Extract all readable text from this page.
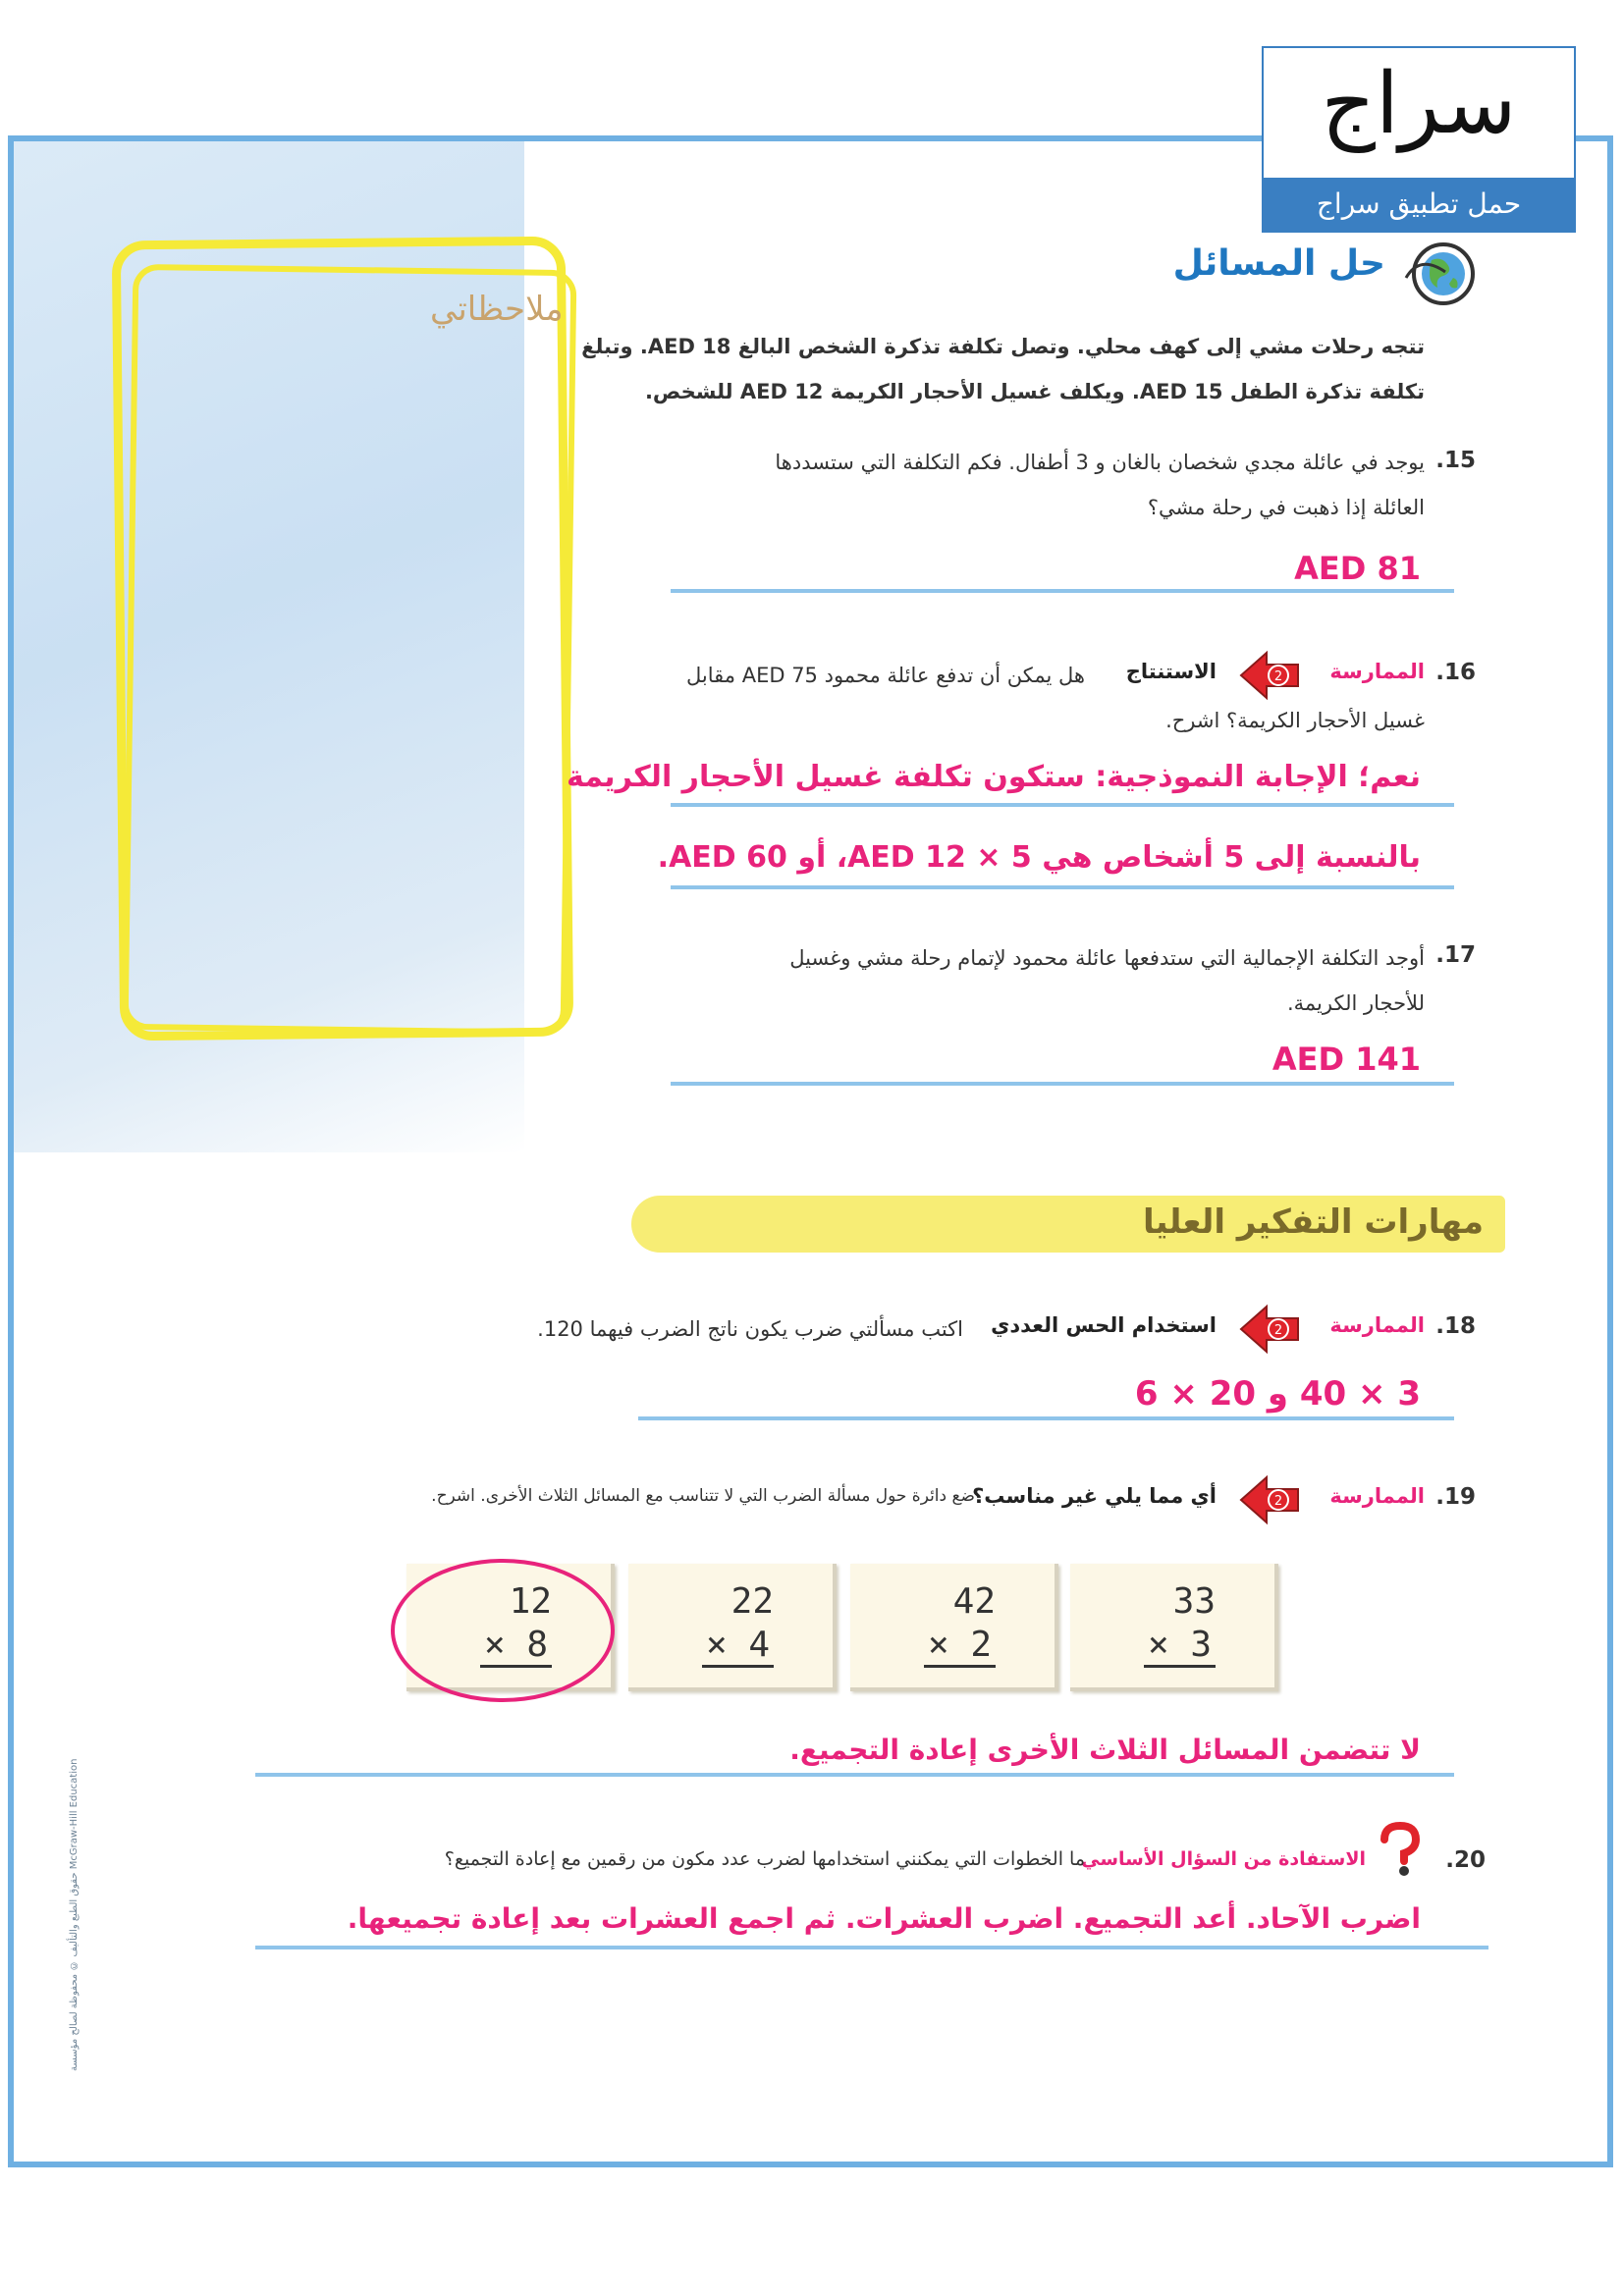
سراج
حمل تطبيق سراج
ملاحظاتي
حل المسائل
تتجه رحلات مشي إلى كهف محلي. وتصل تكلفة تذكرة الشخص البالغ AED 18. وتبلغ
تكلفة تذكرة الطفل AED 15. ويكلف غسيل الأحجار الكريمة AED 12 للشخص.
15.
يوجد في عائلة مجدي شخصان بالغان و 3 أطفال. فكم التكلفة التي ستسددها
العائلة إذا ذهبت في رحلة مشي؟
AED 81
16.
الممارسة
2
الاستنتاج
هل يمكن أن تدفع عائلة محمود AED 75 مقابل
غسيل الأحجار الكريمة؟ اشرح.
نعم؛ الإجابة النموذجية: ستكون تكلفة غسيل الأحجار الكريمة
بالنسبة إلى 5 أشخاص هي AED 12 × 5، أو AED 60.
17.
أوجد التكلفة الإجمالية التي ستدفعها عائلة محمود لإتمام رحلة مشي وغسيل
للأحجار الكريمة.
AED 141
مهارات التفكير العليا
18.
الممارسة
2
استخدام الحس العددي
اكتب مسألتي ضرب يكون ناتج الضرب فيهما 120.
3 × 40 و 20 × 6
19.
الممارسة
2
أي مما يلي غير مناسب؟
ضع دائرة حول مسألة الضرب التي لا تتناسب مع المسائل الثلاث الأخرى. اشرح.
33
× 3
42
× 2
22
× 4
12
× 8
لا تتضمن المسائل الثلاث الأخرى إعادة التجميع.
20.
الاستفادة من السؤال الأساسي
ما الخطوات التي يمكنني استخدامها لضرب عدد مكون من رقمين مع إعادة التجميع؟
اضرب الآحاد. أعد التجميع. اضرب العشرات. ثم اجمع العشرات بعد إعادة تجميعها.
حقوق الطبع والتأليف © محفوظة لصالح مؤسسة McGraw-Hill Education
